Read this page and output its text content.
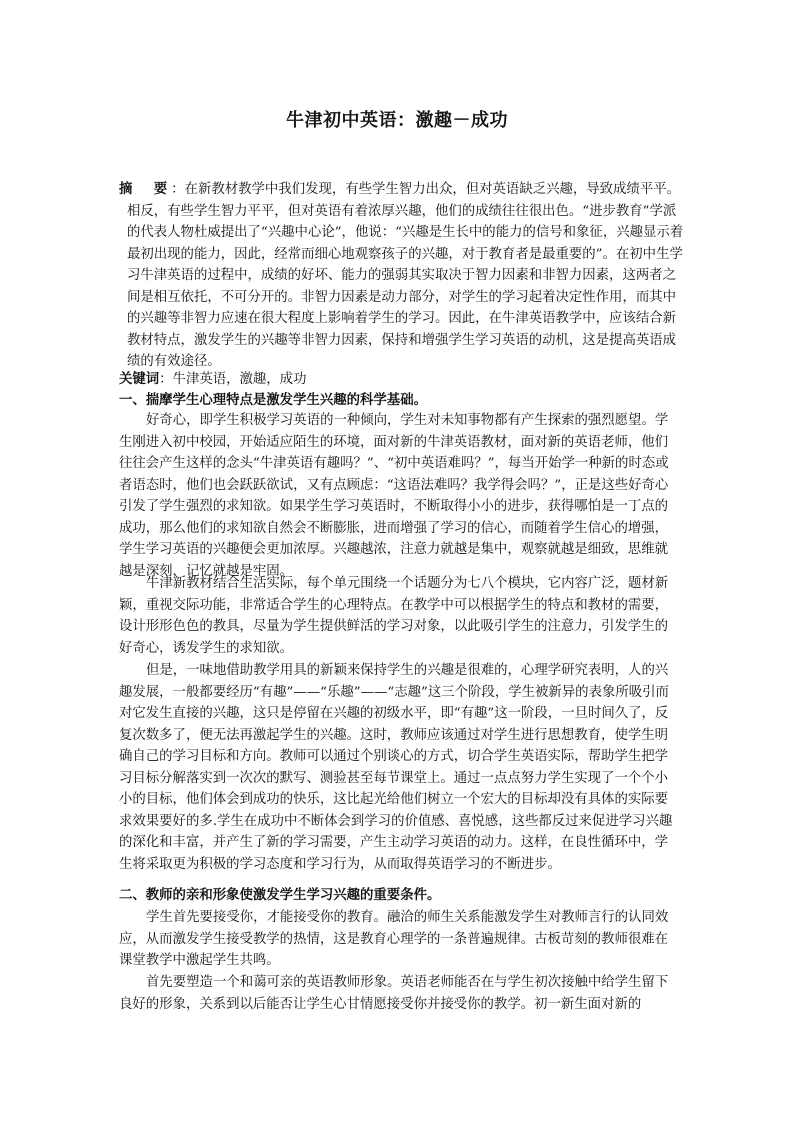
牛津初中英语：激趣－成功

摘　要：在新教材教学中我们发现，有些学生智力出众，但对英语缺乏兴趣，导致成绩平平。相反，有些学生智力平平，但对英语有着浓厚兴趣，他们的成绩往往很出色。“进步教育”学派的代表人物杜威提出了“兴趣中心论”，他说：“兴趣是生长中的能力的信号和象征，兴趣显示着最初出现的能力，因此，经常而细心地观察孩子的兴趣，对于教育者是最重要的”。在初中生学习牛津英语的过程中，成绩的好坏、能力的强弱其实取决于智力因素和非智力因素，这两者之间是相互依托，不可分开的。非智力因素是动力部分，对学生的学习起着决定性作用，而其中的兴趣等非智力应速在很大程度上影响着学生的学习。因此，在牛津英语教学中，应该结合新教材特点，激发学生的兴趣等非智力因素，保持和增强学生学习英语的动机，这是提高英语成绩的有效途径。

关键词：牛津英语，激趣，成功

一、揣摩学生心理特点是激发学生兴趣的科学基础。

好奇心，即学生积极学习英语的一种倾向，学生对未知事物都有产生探索的强烈愿望。学生刚进入初中校园，开始适应陌生的环境，面对新的牛津英语教材，面对新的英语老师，他们往往会产生这样的念头“牛津英语有趣吗？”、“初中英语难吗？”，每当开始学一种新的时态或者语态时，他们也会跃跃欲试，又有点顾虑：“这语法难吗？我学得会吗？”，正是这些好奇心引发了学生强烈的求知欲。如果学生学习英语时，不断取得小小的进步，获得哪怕是一丁点的成功，那么他们的求知欲自然会不断膨胀，进而增强了学习的信心，而随着学生信心的增强，学生学习英语的兴趣便会更加浓厚。兴趣越浓，注意力就越是集中，观察就越是细致，思维就越是深刻，记忆就越是牢固。

牛津新教材结合生活实际，每个单元围绕一个话题分为七八个模块，它内容广泛，题材新颖，重视交际功能，非常适合学生的心理特点。在教学中可以根据学生的特点和教材的需要，设计形形色色的教具，尽量为学生提供鲜活的学习对象，以此吸引学生的注意力，引发学生的好奇心，诱发学生的求知欲。

但是，一味地借助教学用具的新颖来保持学生的兴趣是很难的，心理学研究表明，人的兴趣发展，一般都要经历“有趣”——“乐趣”——“志趣”这三个阶段，学生被新异的表象所吸引而对它发生直接的兴趣，这只是停留在兴趣的初级水平，即“有趣”这一阶段，一旦时间久了，反复次数多了，便无法再激起学生的兴趣。这时，教师应该通过对学生进行思想教育，使学生明确自己的学习目标和方向。教师可以通过个别谈心的方式，切合学生英语实际，帮助学生把学习目标分解落实到一次次的默写、测验甚至每节课堂上。通过一点点努力学生实现了一个个小小的目标，他们体会到成功的快乐，这比起光给他们树立一个宏大的目标却没有具体的实际要求效果要好的多.学生在成功中不断体会到学习的价值感、喜悦感，这些都反过来促进学习兴趣的深化和丰富，并产生了新的学习需要，产生主动学习英语的动力。这样，在良性循环中，学生将采取更为积极的学习态度和学习行为，从而取得英语学习的不断进步。

二、教师的亲和形象使激发学生学习兴趣的重要条件。

学生首先要接受你，才能接受你的教育。融洽的师生关系能激发学生对教师言行的认同效应，从而激发学生接受教学的热情，这是教育心理学的一条普遍规律。古板苛刻的教师很难在课堂教学中激起学生共鸣。

首先要塑造一个和蔼可亲的英语教师形象。英语老师能否在与学生初次接触中给学生留下良好的形象，关系到以后能否让学生心甘情愿接受你并接受你的教学。初一新生面对新的
